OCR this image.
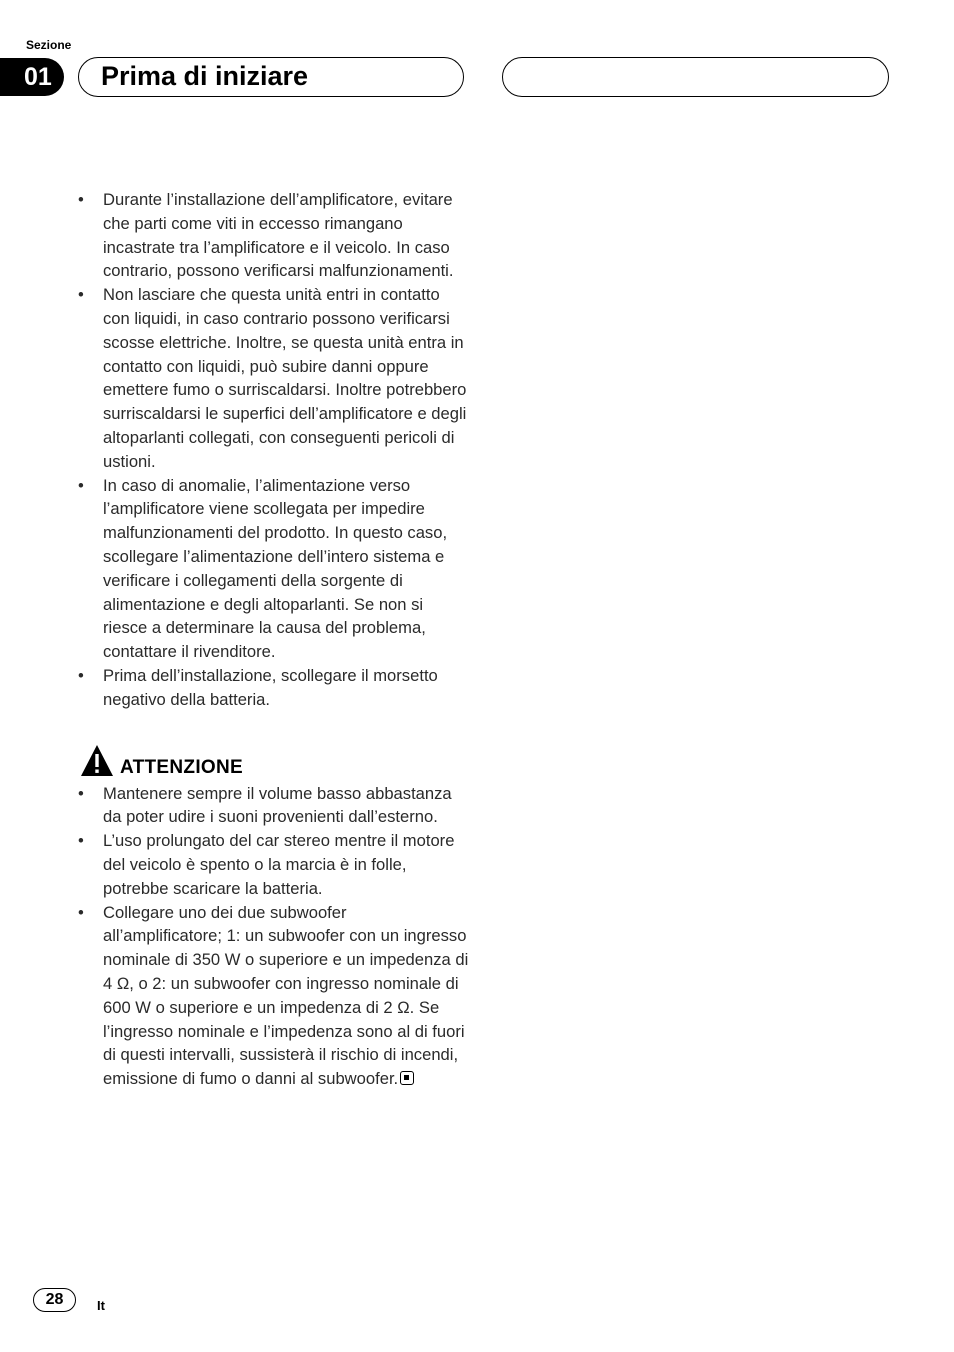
Sezione
01	Prima di iniziare
• Durante l’installazione dell’amplificatore, evitare che parti come viti in eccesso rimangano incastrate tra l’amplificatore e il veicolo. In caso contrario, possono verificarsi malfunzionamenti.
• Non lasciare che questa unità entri in contatto con liquidi, in caso contrario possono verificarsi scosse elettriche. Inoltre, se questa unità entra in contatto con liquidi, può subire danni oppure emettere fumo o surriscaldarsi. Inoltre potrebbero surriscaldarsi le superfici dell’amplificatore e degli altoparlanti collegati, con conseguenti pericoli di ustioni.
• In caso di anomalie, l’alimentazione verso l’amplificatore viene scollegata per impedire malfunzionamenti del prodotto. In questo caso, scollegare l’alimentazione dell’intero sistema e verificare i collegamenti della sorgente di alimentazione e degli altoparlanti. Se non si riesce a determinare la causa del problema, contattare il rivenditore.
• Prima dell’installazione, scollegare il morsetto negativo della batteria.
ATTENZIONE
• Mantenere sempre il volume basso abbastanza da poter udire i suoni provenienti dall’esterno.
• L’uso prolungato del car stereo mentre il motore del veicolo è spento o la marcia è in folle, potrebbe scaricare la batteria.
• Collegare uno dei due subwoofer all’amplificatore; 1: un subwoofer con un ingresso nominale di 350 W o superiore e un impedenza di 4 Ω, o 2: un subwoofer con ingresso nominale di 600 W o superiore e un impedenza di 2 Ω. Se l’ingresso nominale e l’impedenza sono al di fuori di questi intervalli, sussisterà il rischio di incendi, emissione di fumo o danni al subwoofer.
28	It
